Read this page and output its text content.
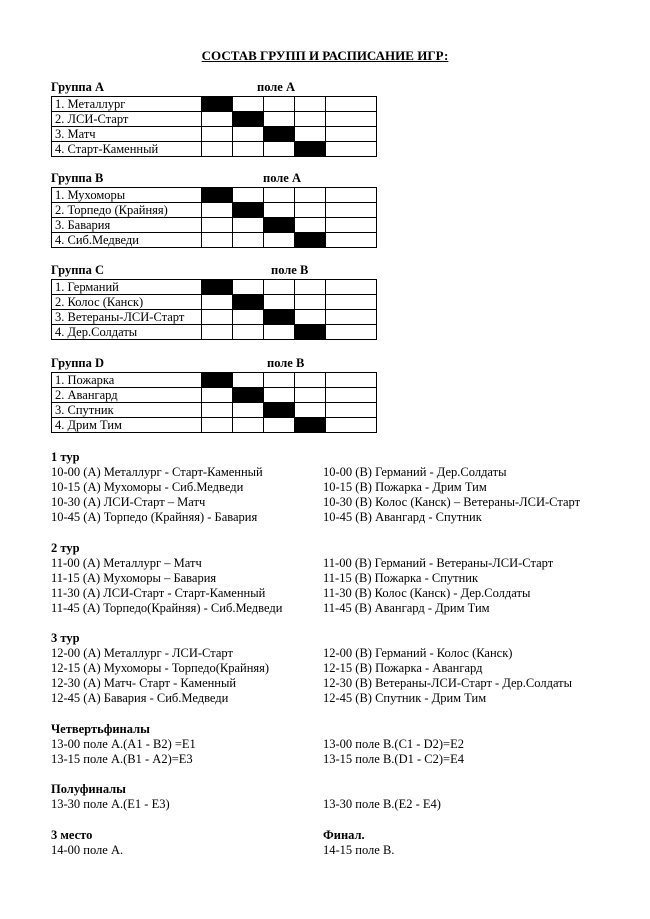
СОСТАВ ГРУПП И РАСПИСАНИЕ ИГР:
Группа А	поле А
1. Металлург					
2. ЛСИ-Старт					
3. Матч					
4. Старт-Каменный					
Группа В	поле А
1. Мухоморы					
2. Торпедо (Крайняя)					
3. Бавария					
4. Сиб.Медведи					
Группа С	поле В
1. Германий					
2. Колос (Канск)					
3. Ветераны-ЛСИ-Старт					
4. Дер.Солдаты					
Группа D	поле В
1. Пожарка					
2. Авангард					
3. Спутник					
4. Дрим Тим					
1 тур
10-00 (А) Металлург - Старт-Каменный	10-00 (В) Германий - Дер.Солдаты
10-15 (А) Мухоморы - Сиб.Медведи	10-15 (В) Пожарка - Дрим Тим
10-30 (А) ЛСИ-Старт – Матч	10-30 (В) Колос (Канск) – Ветераны-ЛСИ-Старт
10-45 (А) Торпедо (Крайняя) - Бавария	10-45 (В) Авангард - Спутник
2 тур
11-00 (А) Металлург – Матч	11-00 (В) Германий - Ветераны-ЛСИ-Старт
11-15 (А) Мухоморы – Бавария	11-15 (В) Пожарка - Спутник
11-30 (А) ЛСИ-Старт - Старт-Каменный	11-30 (В) Колос (Канск) - Дер.Солдаты
11-45 (А) Торпедо(Крайняя) - Сиб.Медведи	11-45 (В) Авангард - Дрим Тим
3 тур
12-00 (А) Металлург - ЛСИ-Старт	12-00 (В) Германий - Колос (Канск)
12-15 (А) Мухоморы - Торпедо(Крайняя)	12-15 (В) Пожарка - Авангард
12-30 (А) Матч- Старт - Каменный	12-30 (В) Ветераны-ЛСИ-Старт - Дер.Солдаты
12-45 (А) Бавария - Сиб.Медведи	12-45 (В) Спутник - Дрим Тим
Четвертьфиналы
13-00 поле А.(А1 - В2) =Е1	13-00 поле В.(С1 - D2)=Е2
13-15 поле А.(В1 - А2)=Е3	13-15 поле В.(D1 - С2)=Е4
Полуфиналы
13-30 поле А.(Е1 - Е3)	13-30 поле В.(Е2 - Е4)
3 место	Финал.
14-00 поле А.	14-15 поле В.
